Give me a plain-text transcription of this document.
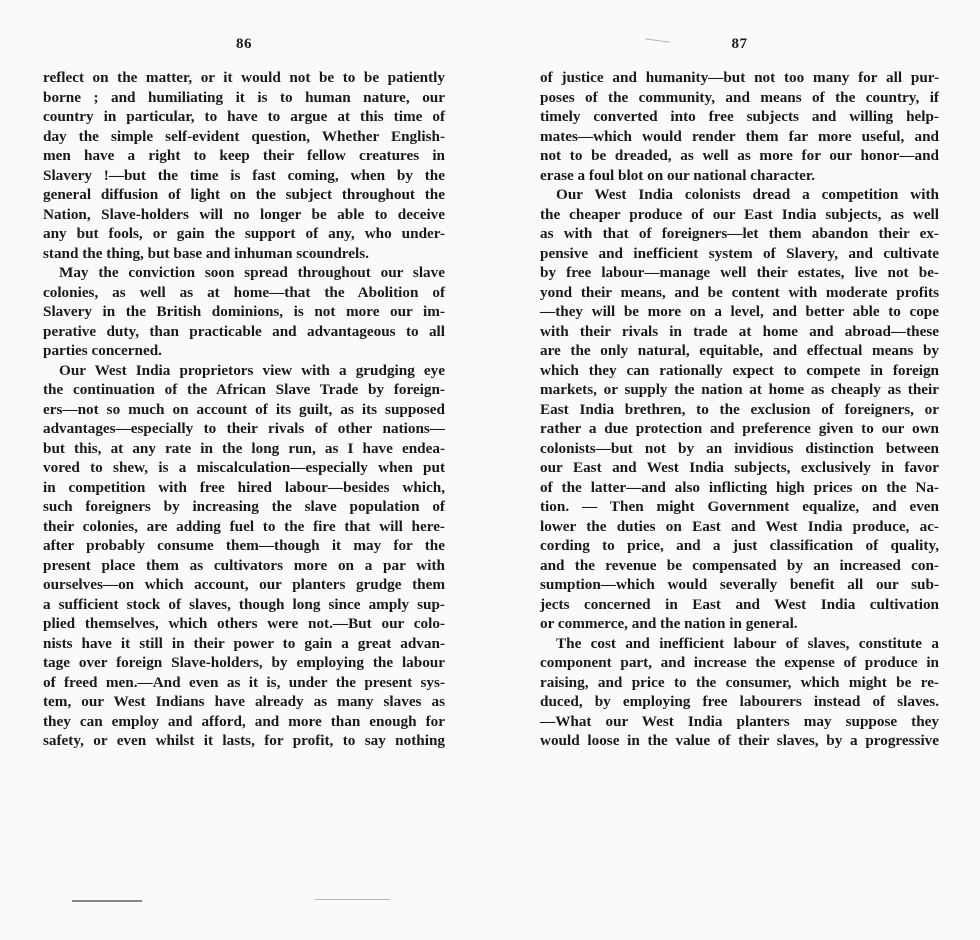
86
reflect on the matter, or it would not be to be patiently
borne ; and humiliating it is to human nature, our
country in particular, to have to argue at this time of
day the simple self-evident question, Whether English-
men have a right to keep their fellow creatures in
Slavery !—but the time is fast coming, when by the
general diffusion of light on the subject throughout the
Nation, Slave-holders will no longer be able to deceive
any but fools, or gain the support of any, who under-
stand the thing, but base and inhuman scoundrels.
May the conviction soon spread throughout our slave
colonies, as well as at home—that the Abolition of
Slavery in the British dominions, is not more our im-
perative duty, than practicable and advantageous to all
parties concerned.
Our West India proprietors view with a grudging eye
the continuation of the African Slave Trade by foreign-
ers—not so much on account of its guilt, as its supposed
advantages—especially to their rivals of other nations—
but this, at any rate in the long run, as I have endea-
vored to shew, is a miscalculation—especially when put
in competition with free hired labour—besides which,
such foreigners by increasing the slave population of
their colonies, are adding fuel to the fire that will here-
after probably consume them—though it may for the
present place them as cultivators more on a par with
ourselves—on which account, our planters grudge them
a sufficient stock of slaves, though long since amply sup-
plied themselves, which others were not.—But our colo-
nists have it still in their power to gain a great advan-
tage over foreign Slave-holders, by employing the labour
of freed men.—And even as it is, under the present sys-
tem, our West Indians have already as many slaves as
they can employ and afford, and more than enough for
safety, or even whilst it lasts, for profit, to say nothing
87
of justice and humanity—but not too many for all pur-
poses of the community, and means of the country, if
timely converted into free subjects and willing help-
mates—which would render them far more useful, and
not to be dreaded, as well as more for our honor—and
erase a foul blot on our national character.
Our West India colonists dread a competition with
the cheaper produce of our East India subjects, as well
as with that of foreigners—let them abandon their ex-
pensive and inefficient system of Slavery, and cultivate
by free labour—manage well their estates, live not be-
yond their means, and be content with moderate profits
—they will be more on a level, and better able to cope
with their rivals in trade at home and abroad—these
are the only natural, equitable, and effectual means by
which they can rationally expect to compete in foreign
markets, or supply the nation at home as cheaply as their
East India brethren, to the exclusion of foreigners, or
rather a due protection and preference given to our own
colonists—but not by an invidious distinction between
our East and West India subjects, exclusively in favor
of the latter—and also inflicting high prices on the Na-
tion. — Then might Government equalize, and even
lower the duties on East and West India produce, ac-
cording to price, and a just classification of quality,
and the revenue be compensated by an increased con-
sumption—which would severally benefit all our sub-
jects concerned in East and West India cultivation
or commerce, and the nation in general.
The cost and inefficient labour of slaves, constitute a
component part, and increase the expense of produce in
raising, and price to the consumer, which might be re-
duced, by employing free labourers instead of slaves.
—What our West India planters may suppose they
would loose in the value of their slaves, by a progressive
